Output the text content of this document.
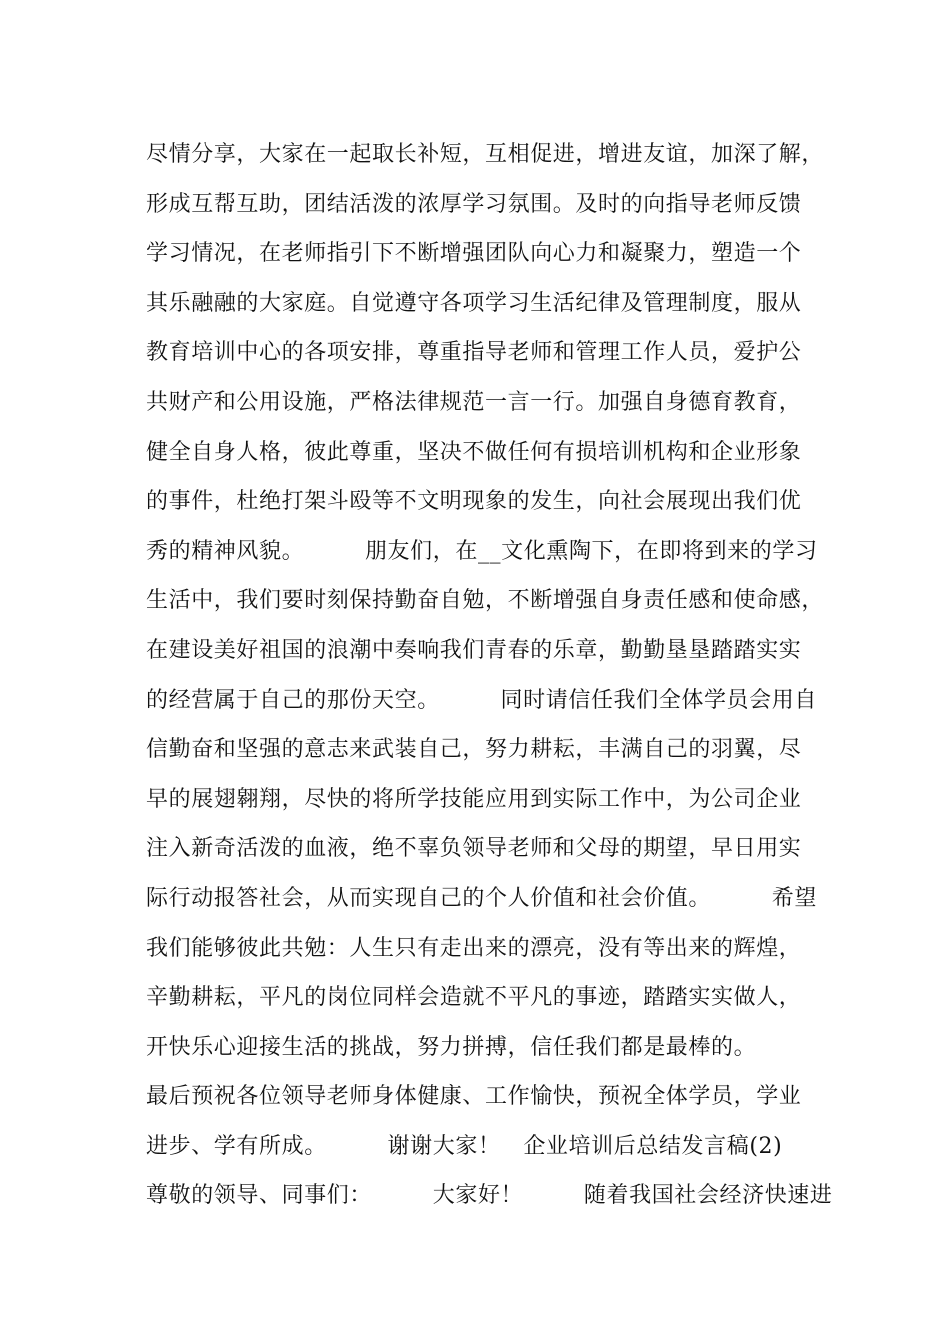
尽情分享，大家在一起取长补短，互相促进，增进友谊，加深了解，
形成互帮互助，团结活泼的浓厚学习氛围。及时的向指导老师反馈
学习情况，在老师指引下不断增强团队向心力和凝聚力，塑造一个
其乐融融的大家庭。自觉遵守各项学习生活纪律及管理制度，服从
教育培训中心的各项安排，尊重指导老师和管理工作人员，爱护公
共财产和公用设施，严格法律规范一言一行。加强自身德育教育，
健全自身人格，彼此尊重，坚决不做任何有损培训机构和企业形象
的事件，杜绝打架斗殴等不文明现象的发生，向社会展现出我们优
秀的精神风貌。        朋友们，在__文化熏陶下，在即将到来的学习
生活中，我们要时刻保持勤奋自勉，不断增强自身责任感和使命感，
在建设美好祖国的浪潮中奏响我们青春的乐章，勤勤垦垦踏踏实实
的经营属于自己的那份天空。        同时请信任我们全体学员会用自
信勤奋和坚强的意志来武装自己，努力耕耘，丰满自己的羽翼，尽
早的展翅翱翔，尽快的将所学技能应用到实际工作中，为公司企业
注入新奇活泼的血液，绝不辜负领导老师和父母的期望，早日用实
际行动报答社会，从而实现自己的个人价值和社会价值。        希望
我们能够彼此共勉：人生只有走出来的漂亮，没有等出来的辉煌，
辛勤耕耘，平凡的岗位同样会造就不平凡的事迹，踏踏实实做人，
开快乐心迎接生活的挑战，努力拼搏，信任我们都是最棒的。
最后预祝各位领导老师身体健康、工作愉快，预祝全体学员，学业
进步、学有所成。        谢谢大家！   企业培训后总结发言稿(2)
尊敬的领导、同事们：        大家好！        随着我国社会经济快速进
